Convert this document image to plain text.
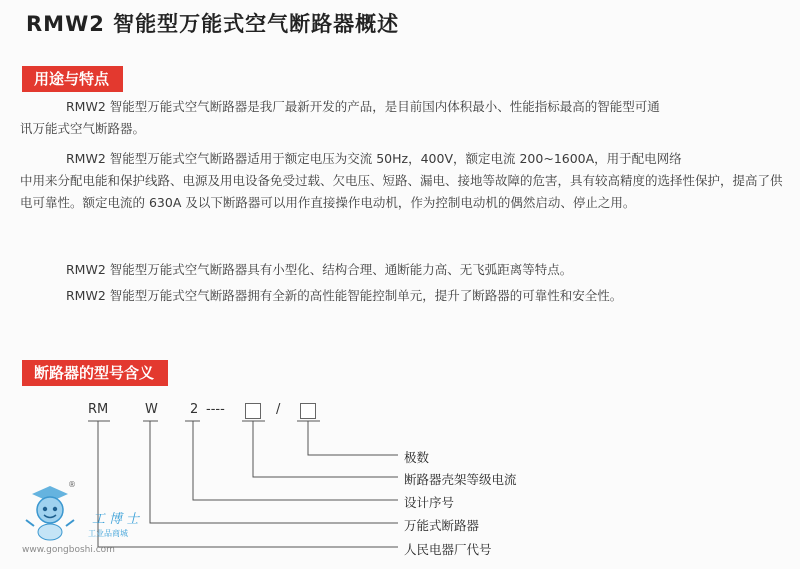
RMW2 智能型万能式空气断路器概述
用途与特点

RMW2 智能型万能式空气断路器是我厂最新开发的产品，是目前国内体积最小、性能指标最高的智能型可通
讯万能式空气断路器。

RMW2 智能型万能式空气断路器适用于额定电压为交流 50Hz，400V，额定电流 200~1600A，用于配电网络
中用来分配电能和保护线路、电源及用电设备免受过载、欠电压、短路、漏电、接地等故障的危害，具有较高精度的选择性保护，提高了供电可靠性。额定电流的 630A 及以下断路器可以用作直接操作电动机，作为控制电动机的偶然启动、停止之用。

RMW2 智能型万能式空气断路器具有小型化、结构合理、通断能力高、无飞弧距离等特点。

RMW2 智能型万能式空气断路器拥有全新的高性能智能控制单元，提升了断路器的可靠性和安全性。

断路器的型号含义
RM	W 2 ----	/
极数
断路器壳架等级电流
设计序号
万能式断路器
人民电器厂代号
®
工博士
工业品商城
www.gongboshi.com
